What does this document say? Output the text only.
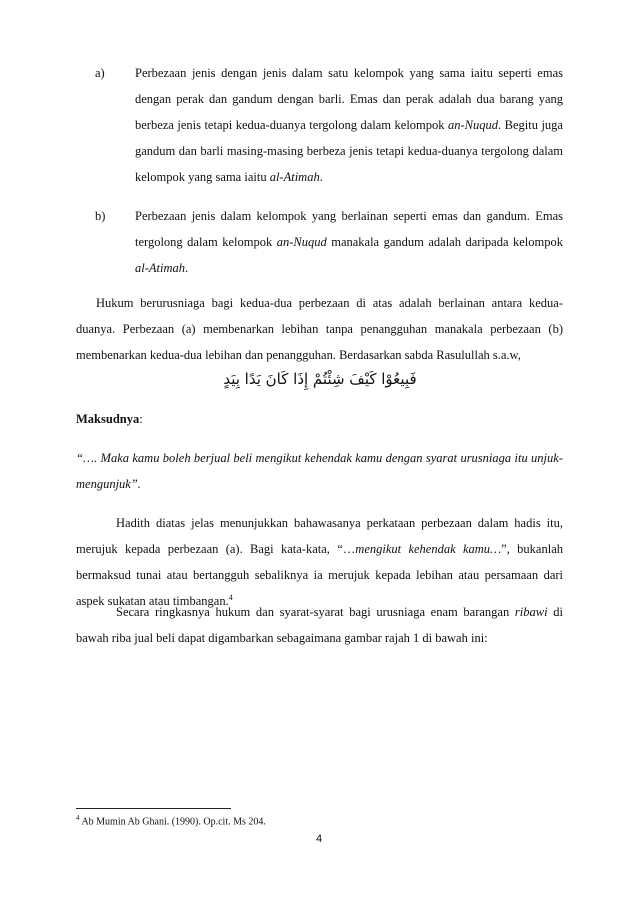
a) Perbezaan jenis dengan jenis dalam satu kelompok yang sama iaitu seperti emas dengan perak dan gandum dengan barli. Emas dan perak adalah dua barang yang berbeza jenis tetapi kedua-duanya tergolong dalam kelompok an-Nuqud. Begitu juga gandum dan barli masing-masing berbeza jenis tetapi kedua-duanya tergolong dalam kelompok yang sama iaitu al-Atimah.
b) Perbezaan jenis dalam kelompok yang berlainan seperti emas dan gandum. Emas tergolong dalam kelompok an-Nuqud manakala gandum adalah daripada kelompok al-Atimah.

Hukum berurusniaga bagi kedua-dua perbezaan di atas adalah berlainan antara kedua-duanya. Perbezaan (a) membenarkan lebihan tanpa penangguhan manakala perbezaan (b) membenarkan kedua-dua lebihan dan penangguhan. Berdasarkan sabda Rasulullah s.a.w,

فَبِيعُوْا كَيْفَ شِئْتُمْ إِذَا كَانَ يَدًا بِيَدٍ
Maksudnya:

“…. Maka kamu boleh berjual beli mengikut kehendak kamu dengan syarat urusniaga itu unjuk-mengunjuk”.

Hadith diatas jelas menunjukkan bahawasanya perkataan perbezaan dalam hadis itu, merujuk kepada perbezaan (a). Bagi kata-kata, “…mengikut kehendak kamu…”, bukanlah bermaksud tunai atau bertangguh sebaliknya ia merujuk kepada lebihan atau persamaan dari aspek sukatan atau timbangan.$^4$

Secara ringkasnya hukum dan syarat-syarat bagi urusniaga enam barangan ribawi di bawah riba jual beli dapat digambarkan sebagaimana gambar rajah 1 di bawah ini:

$^4$ Ab Mumin Ab Ghani. (1990). Op.cit. Ms 204.
4
